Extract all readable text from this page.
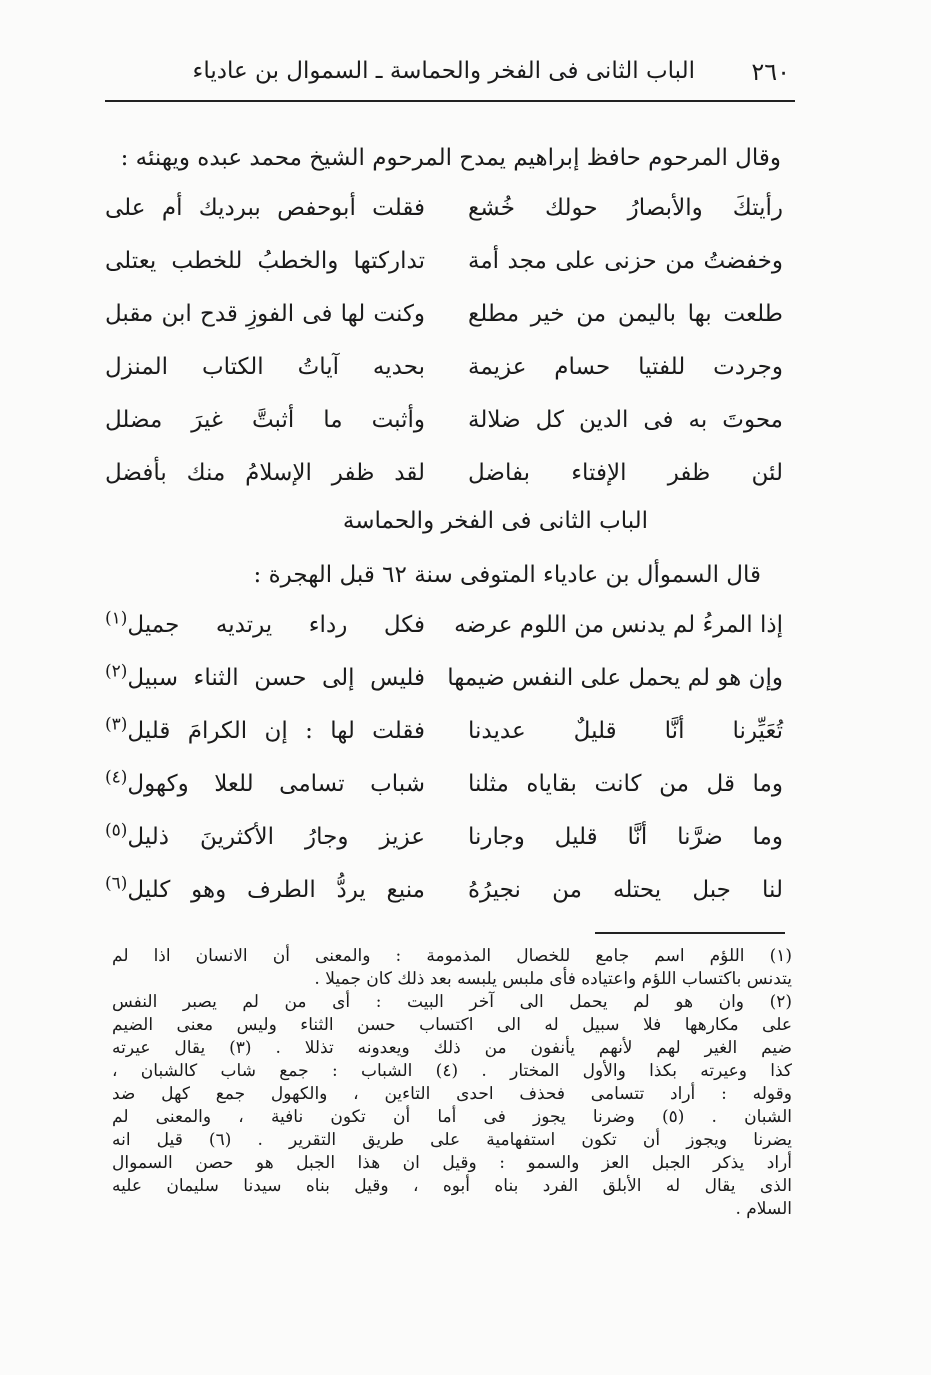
٢٦٠
الباب الثانى فى الفخر والحماسة ـ السموال بن عادياء
وقال المرحوم حافظ إبراهيم يمدح المرحوم الشيخ محمد عبده ويهنئه :
رأيتكَ والأبصارُ حولك خُشع
فقلت أبوحفص ببرديك أم على
وخفضتُ من حزنى على مجد أمة
تداركتها والخطبُ للخطب يعتلى
طلعت بها باليمن من خير مطلع
وكنت لها فى الفوزِ قدح ابن مقبل
وجردت للفتيا حسام عزيمة
بحديه آياتُ الكتاب المنزل
محوتَ به فى الدين كل ضلالة
وأثبت ما أثبتَّ غيرَ مضلل
لئن ظفر الإفتاء بفاضل
لقد ظفر الإسلامُ منك بأفضل
الباب الثانى فى الفخر والحماسة
قال السموأل بن عادياء المتوفى سنة ٦٢ قبل الهجرة :
إذا المرءُ لم يدنس من اللوم عرضه
فكل رداء يرتديه جميل$^{(١)}$
وإن هو لم يحمل على النفس ضيمها
فليس إلى حسن الثناء سبيل$^{(٢)}$
تُعَيِّرنا أنَّا قليلٌ عديدنا
فقلت لها : إن الكرامَ قليل$^{(٣)}$
وما قل من كانت بقاياه مثلنا
شباب تسامى للعلا وكهول$^{(٤)}$
وما ضرَّنا أنَّا قليل وجارنا
عزيز وجارُ الأكثرينَ ذليل$^{(٥)}$
لنا جبل يحتله من نجيرُهُ
منيع يردُّ الطرف وهو كليل$^{(٦)}$

(١) اللؤم اسم جامع للخصال المذمومة : والمعنى أن الانسان اذا لم

يتدنس باكتساب اللؤم واعتياده فأى ملبس يلبسه بعد ذلك كان جميلا .

(٢) وان هو لم يحمل الى آخر البيت : أى من لم يصبر النفس

على مكارهها فلا سبيل له الى اكتساب حسن الثناء وليس معنى الضيم

ضيم الغير لهم لأنهم يأنفون من ذلك ويعدونه تذللا . (٣) يقال عيرته

كذا وعيرته بكذا والأول المختار . (٤) الشباب : جمع شاب كالشبان ،

وقوله : أراد تتسامى فحذف احدى التاءين ، والكهول جمع كهل ضد

الشبان . (٥) وضرنا يجوز فى أما أن تكون نافية ، والمعنى لم

يضرنا ويجوز أن تكون استفهامية على طريق التقرير . (٦) قيل انه

أراد يذكر الجبل العز والسمو : وقيل ان هذا الجبل هو حصن السموال

الذى يقال له الأبلق الفرد بناه أبوه ، وقيل بناه سيدنا سليمان عليه

السلام .
